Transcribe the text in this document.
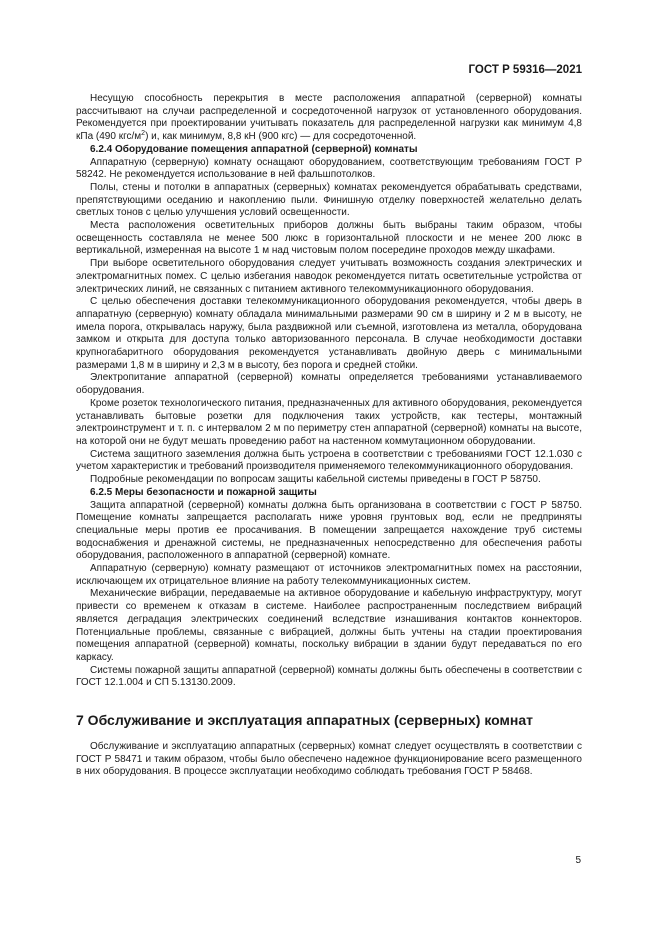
ГОСТ Р 59316—2021

Несущую способность перекрытия в месте расположения аппаратной (серверной) комнаты рассчитывают на случаи распределенной и сосредоточенной нагрузок от установленного оборудования. Рекомендуется при проектировании учитывать показатель для распределенной нагрузки как минимум 4,8 кПа (490 кгс/$м^2$) и, как минимум, 8,8 кН (900 кгс) — для сосредоточенной.

6.2.4 Оборудование помещения аппаратной (серверной) комнаты

Аппаратную (серверную) комнату оснащают оборудованием, соответствующим требованиям ГОСТ Р 58242. Не рекомендуется использование в ней фальшпотолков.

Полы, стены и потолки в аппаратных (серверных) комнатах рекомендуется обрабатывать средствами, препятствующими оседанию и накоплению пыли. Финишную отделку поверхностей желательно делать светлых тонов с целью улучшения условий освещенности.

Места расположения осветительных приборов должны быть выбраны таким образом, чтобы освещенность составляла не менее 500 люкс в горизонтальной плоскости и не менее 200 люкс в вертикальной, измеренная на высоте 1 м над чистовым полом посередине проходов между шкафами.

При выборе осветительного оборудования следует учитывать возможность создания электрических и электромагнитных помех. С целью избегания наводок рекомендуется питать осветительные устройства от электрических линий, не связанных с питанием активного телекоммуникационного оборудования.

С целью обеспечения доставки телекоммуникационного оборудования рекомендуется, чтобы дверь в аппаратную (серверную) комнату обладала минимальными размерами 90 см в ширину и 2 м в высоту, не имела порога, открывалась наружу, была раздвижной или съемной, изготовлена из металла, оборудована замком и открыта для доступа только авторизованного персонала. В случае необходимости доставки крупногабаритного оборудования рекомендуется устанавливать двойную дверь с минимальными размерами 1,8 м в ширину и 2,3 м в высоту, без порога и средней стойки.

Электропитание аппаратной (серверной) комнаты определяется требованиями устанавливаемого оборудования.

Кроме розеток технологического питания, предназначенных для активного оборудования, рекомендуется устанавливать бытовые розетки для подключения таких устройств, как тестеры, монтажный электроинструмент и т. п. с интервалом 2 м по периметру стен аппаратной (серверной) комнаты на высоте, на которой они не будут мешать проведению работ на настенном коммутационном оборудовании.

Система защитного заземления должна быть устроена в соответствии с требованиями ГОСТ 12.1.030 с учетом характеристик и требований производителя применяемого телекоммуникационного оборудования.

Подробные рекомендации по вопросам защиты кабельной системы приведены в ГОСТ Р 58750.

6.2.5 Меры безопасности и пожарной защиты

Защита аппаратной (серверной) комнаты должна быть организована в соответствии с ГОСТ Р 58750. Помещение комнаты запрещается располагать ниже уровня грунтовых вод, если не предприняты специальные меры против ее просачивания. В помещении запрещается нахождение труб системы водоснабжения и дренажной системы, не предназначенных непосредственно для обеспечения работы оборудования, расположенного в аппаратной (серверной) комнате.

Аппаратную (серверную) комнату размещают от источников электромагнитных помех на расстоянии, исключающем их отрицательное влияние на работу телекоммуникационных систем.

Механические вибрации, передаваемые на активное оборудование и кабельную инфраструктуру, могут привести со временем к отказам в системе. Наиболее распространенным последствием вибраций является деградация электрических соединений вследствие изнашивания контактов коннекторов. Потенциальные проблемы, связанные с вибрацией, должны быть учтены на стадии проектирования помещения аппаратной (серверной) комнаты, поскольку вибрации в здании будут передаваться по его каркасу.

Системы пожарной защиты аппаратной (серверной) комнаты должны быть обеспечены в соответствии с ГОСТ 12.1.004 и СП 5.13130.2009.

7 Обслуживание и эксплуатация аппаратных (серверных) комнат

Обслуживание и эксплуатацию аппаратных (серверных) комнат следует осуществлять в соответствии с ГОСТ Р 58471 и таким образом, чтобы было обеспечено надежное функционирование всего размещенного в них оборудования. В процессе эксплуатации необходимо соблюдать требования ГОСТ Р 58468.

5
